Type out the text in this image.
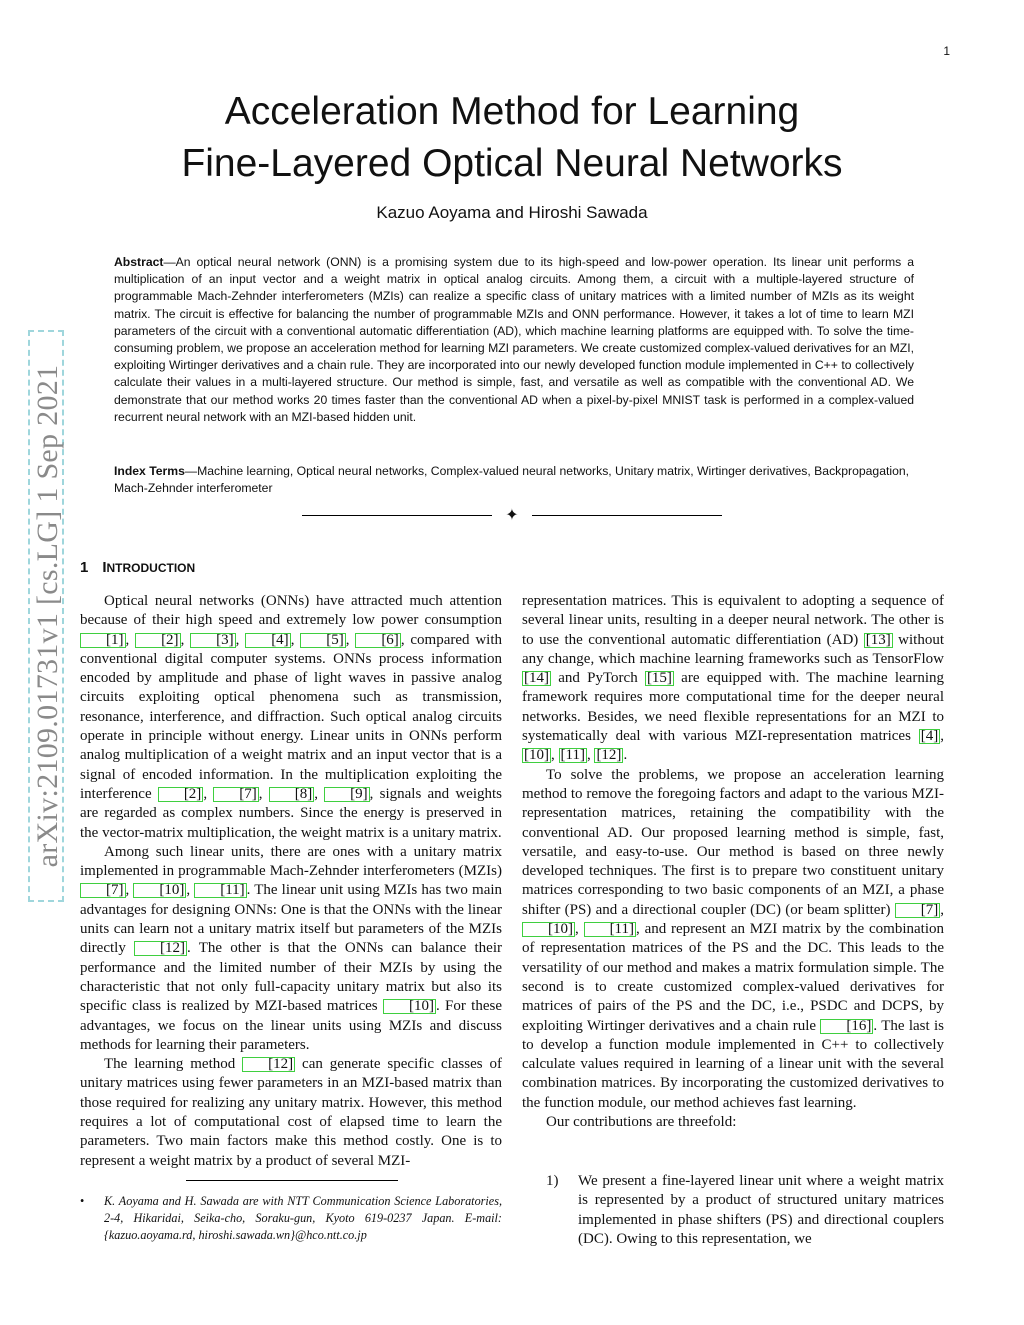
1
arXiv:2109.01731v1 [cs.LG] 1 Sep 2021
Acceleration Method for Learning
Fine-Layered Optical Neural Networks
Kazuo Aoyama and Hiroshi Sawada
Abstract—An optical neural network (ONN) is a promising system due to its high-speed and low-power operation. Its linear unit performs a multiplication of an input vector and a weight matrix in optical analog circuits. Among them, a circuit with a multiple-layered structure of programmable Mach-Zehnder interferometers (MZIs) can realize a specific class of unitary matrices with a limited number of MZIs as its weight matrix. The circuit is effective for balancing the number of programmable MZIs and ONN performance. However, it takes a lot of time to learn MZI parameters of the circuit with a conventional automatic differentiation (AD), which machine learning platforms are equipped with. To solve the time-consuming problem, we propose an acceleration method for learning MZI parameters. We create customized complex-valued derivatives for an MZI, exploiting Wirtinger derivatives and a chain rule. They are incorporated into our newly developed function module implemented in C++ to collectively calculate their values in a multi-layered structure. Our method is simple, fast, and versatile as well as compatible with the conventional AD. We demonstrate that our method works 20 times faster than the conventional AD when a pixel-by-pixel MNIST task is performed in a complex-valued recurrent neural network with an MZI-based hidden unit.
Index Terms—Machine learning, Optical neural networks, Complex-valued neural networks, Unitary matrix, Wirtinger derivatives, Backpropagation, Mach-Zehnder interferometer
✦
1 INTRODUCTION

Optical neural networks (ONNs) have attracted much attention because of their high speed and extremely low power consumption [1] , [2] , [3] , [4] , [5] , [6] , compared with conventional digital computer systems. ONNs process information encoded by amplitude and phase of light waves in passive analog circuits exploiting optical phenomena such as transmission, resonance, interference, and diffraction. Such optical analog circuits operate in principle without energy. Linear units in ONNs perform analog multiplication of a weight matrix and an input vector that is a signal of encoded information. In the multiplication exploiting the interference [2] , [7] , [8] , [9] , signals and weights are regarded as complex numbers. Since the energy is preserved in the vector-matrix multiplication, the weight matrix is a unitary matrix.

Among such linear units, there are ones with a unitary matrix implemented in programmable Mach-Zehnder interferometers (MZIs) [7] , [10] , [11] . The linear unit using MZIs has two main advantages for designing ONNs: One is that the ONNs with the linear units can learn not a unitary matrix itself but parameters of the MZIs directly [12] . The other is that the ONNs can balance their performance and the limited number of their MZIs by using the characteristic that not only full-capacity unitary matrix but also its specific class is realized by MZI-based matrices [10] . For these advantages, we focus on the linear units using MZIs and discuss methods for learning their parameters.

The learning method [12] can generate specific classes of unitary matrices using fewer parameters in an MZI-based matrix than those required for realizing any unitary matrix. However, this method requires a lot of computational cost of elapsed time to learn the parameters. Two main factors make this method costly. One is to represent a weight matrix by a product of several MZI-

representation matrices. This is equivalent to adopting a sequence of several linear units, resulting in a deeper neural network. The other is to use the conventional automatic differentiation (AD) [13] without any change, which machine learning frameworks such as TensorFlow [14] and PyTorch [15] are equipped with. The machine learning framework requires more computational time for the deeper neural networks. Besides, we need flexible representations for an MZI to systematically deal with various MZI-representation matrices [4] , [10] , [11] , [12] .

To solve the problems, we propose an acceleration learning method to remove the foregoing factors and adapt to the various MZI-representation matrices, retaining the compatibility with the conventional AD. Our proposed learning method is simple, fast, versatile, and easy-to-use. Our method is based on three newly developed techniques. The first is to prepare two constituent unitary matrices corresponding to two basic components of an MZI, a phase shifter (PS) and a directional coupler (DC) (or beam splitter) [7] , [10] , [11] , and represent an MZI matrix by the combination of representation matrices of the PS and the DC. This leads to the versatility of our method and makes a matrix formulation simple. The second is to create customized complex-valued derivatives for matrices of pairs of the PS and the DC, i.e., PSDC and DCPS, by exploiting Wirtinger derivatives and a chain rule [16] . The last is to develop a function module implemented in C++ to collectively calculate values required in learning of a linear unit with the several combination matrices. By incorporating the customized derivatives to the function module, our method achieves fast learning.

Our contributions are threefold:

1) We present a fine-layered linear unit where a weight matrix is represented by a product of structured unitary matrices implemented in phase shifters (PS) and directional couplers (DC). Owing to this representation, we
• K. Aoyama and H. Sawada are with NTT Communication Science Laboratories, 2-4, Hikaridai, Seika-cho, Soraku-gun, Kyoto 619-0237 Japan. E-mail: {kazuo.aoyama.rd, hiroshi.sawada.wn}@hco.ntt.co.jp
